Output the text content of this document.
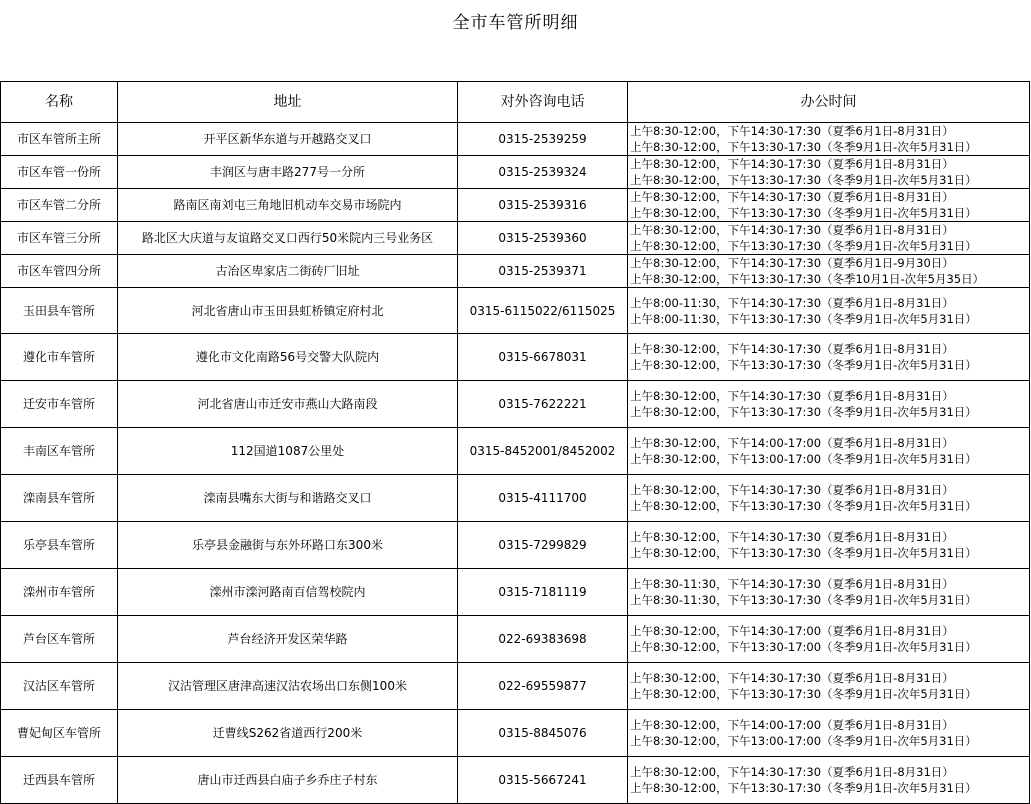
全市车管所明细
名称	地址	对外咨询电话	办公时间
市区车管所主所	开平区新华东道与开越路交叉口	0315-2539259	上午8:30-12:00，下午14:30-17:30（夏季6月1日-8月31日）
上午8:30-12:00，下午13:30-17:30（冬季9月1日-次年5月31日）

市区车管一份所	丰润区与唐丰路277号一分所	0315-2539324	上午8:30-12:00，下午14:30-17:30（夏季6月1日-8月31日）
上午8:30-12:00，下午13:30-17:30（冬季9月1日-次年5月31日）

市区车管二分所	路南区南刘屯三角地旧机动车交易市场院内	0315-2539316	上午8:30-12:00，下午14:30-17:30（夏季6月1日-8月31日）
上午8:30-12:00，下午13:30-17:30（冬季9月1日-次年5月31日）

市区车管三分所	路北区大庆道与友谊路交叉口西行50米院内三号业务区	0315-2539360	上午8:30-12:00，下午14:30-17:30（夏季6月1日-8月31日）
上午8:30-12:00，下午13:30-17:30（冬季9月1日-次年5月31日）

市区车管四分所	古冶区卑家店二街砖厂旧址	0315-2539371	上午8:30-12:00，下午14:30-17:30（夏季6月1日-9月30日）
上午8:30-12:00，下午13:30-17:30（冬季10月1日-次年5月35日）

玉田县车管所	河北省唐山市玉田县虹桥镇定府村北	0315-6115022/6115025	上午8:00-11:30，下午14:30-17:30（夏季6月1日-8月31日）
上午8:00-11:30，下午13:30-17:30（冬季9月1日-次年5月31日）

遵化市车管所	遵化市文化南路56号交警大队院内	0315-6678031	上午8:30-12:00，下午14:30-17:30（夏季6月1日-8月31日）
上午8:30-12:00，下午13:30-17:30（冬季9月1日-次年5月31日）

迁安市车管所	河北省唐山市迁安市燕山大路南段	0315-7622221	上午8:30-12:00，下午14:30-17:30（夏季6月1日-8月31日）
上午8:30-12:00，下午13:30-17:30（冬季9月1日-次年5月31日）

丰南区车管所	112国道1087公里处	0315-8452001/8452002	上午8:30-12:00，下午14:00-17:00（夏季6月1日-8月31日）
上午8:30-12:00，下午13:00-17:00（冬季9月1日-次年5月31日）

滦南县车管所	滦南县嘴东大街与和谐路交叉口	0315-4111700	上午8:30-12:00，下午14:30-17:30（夏季6月1日-8月31日）
上午8:30-12:00，下午13:30-17:30（冬季9月1日-次年5月31日）

乐亭县车管所	乐亭县金融街与东外环路口东300米	0315-7299829	上午8:30-12:00，下午14:30-17:30（夏季6月1日-8月31日）
上午8:30-12:00，下午13:30-17:30（冬季9月1日-次年5月31日）

滦州市车管所	滦州市滦河路南百信驾校院内	0315-7181119	上午8:30-11:30，下午14:30-17:30（夏季6月1日-8月31日）
上午8:30-11:30，下午13:30-17:30（冬季9月1日-次年5月31日）

芦台区车管所	芦台经济开发区荣华路	022-69383698	上午8:30-12:00，下午14:30-17:00（夏季6月1日-8月31日）
上午8:30-12:00，下午13:30-17:00（冬季9月1日-次年5月31日）

汉沽区车管所	汉沽管理区唐津高速汉沽农场出口东侧100米	022-69559877	上午8:30-12:00，下午14:30-17:30（夏季6月1日-8月31日）
上午8:30-12:00，下午13:30-17:30（冬季9月1日-次年5月31日）

曹妃甸区车管所	迁曹线S262省道西行200米	0315-8845076	上午8:30-12:00，下午14:00-17:00（夏季6月1日-8月31日）
上午8:30-12:00，下午13:00-17:00（冬季9月1日-次年5月31日）

迁西县车管所	唐山市迁西县白庙子乡乔庄子村东	0315-5667241	上午8:30-12:00，下午14:30-17:30（夏季6月1日-8月31日）
上午8:30-12:00，下午13:30-17:30（冬季9月1日-次年5月31日）
